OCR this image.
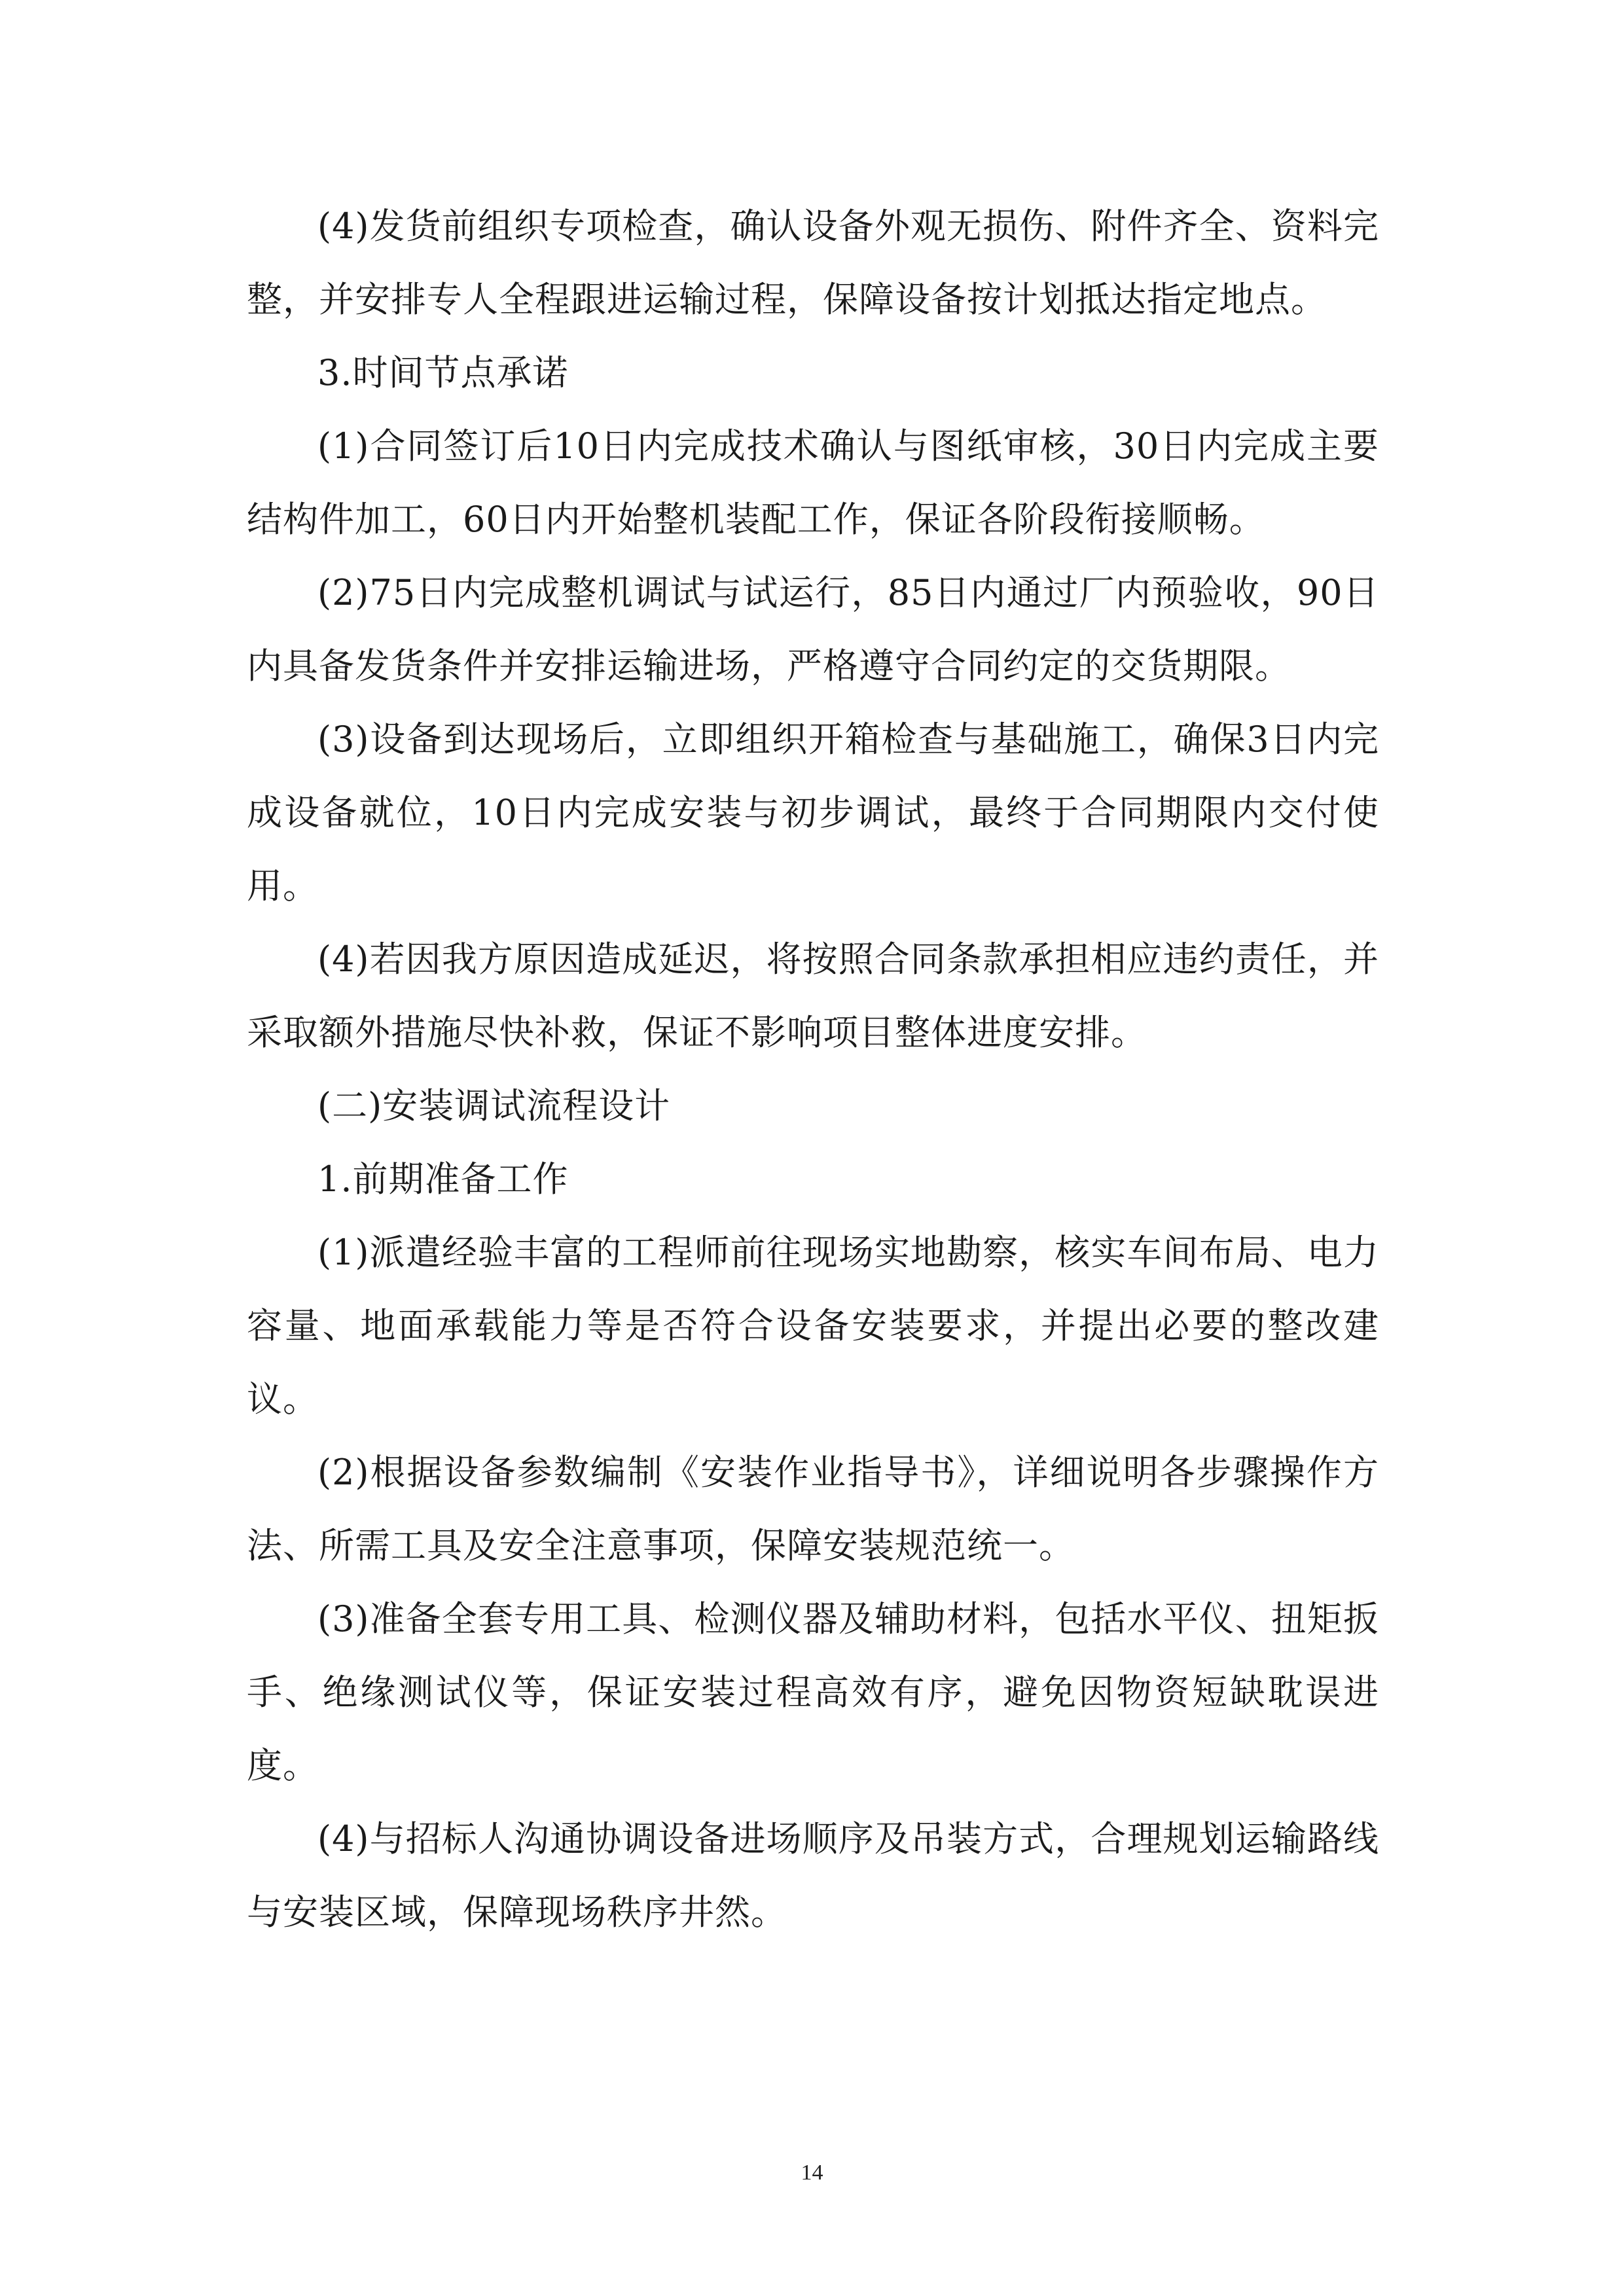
(4)发货前组织专项检查，确认设备外观无损伤、附件齐全、资料完整，并安排专人全程跟进运输过程，保障设备按计划抵达指定地点。

3.时间节点承诺

(1)合同签订后10日内完成技术确认与图纸审核，30日内完成主要结构件加工，60日内开始整机装配工作，保证各阶段衔接顺畅。

(2)75日内完成整机调试与试运行，85日内通过厂内预验收，90日内具备发货条件并安排运输进场，严格遵守合同约定的交货期限。

(3)设备到达现场后，立即组织开箱检查与基础施工，确保3日内完成设备就位，10日内完成安装与初步调试，最终于合同期限内交付使用。

(4)若因我方原因造成延迟，将按照合同条款承担相应违约责任，并采取额外措施尽快补救，保证不影响项目整体进度安排。

(二)安装调试流程设计

1.前期准备工作

(1)派遣经验丰富的工程师前往现场实地勘察，核实车间布局、电力容量、地面承载能力等是否符合设备安装要求，并提出必要的整改建议。

(2)根据设备参数编制《安装作业指导书》，详细说明各步骤操作方法、所需工具及安全注意事项，保障安装规范统一。

(3)准备全套专用工具、检测仪器及辅助材料，包括水平仪、扭矩扳手、绝缘测试仪等，保证安装过程高效有序，避免因物资短缺耽误进度。

(4)与招标人沟通协调设备进场顺序及吊装方式，合理规划运输路线与安装区域，保障现场秩序井然。

14
